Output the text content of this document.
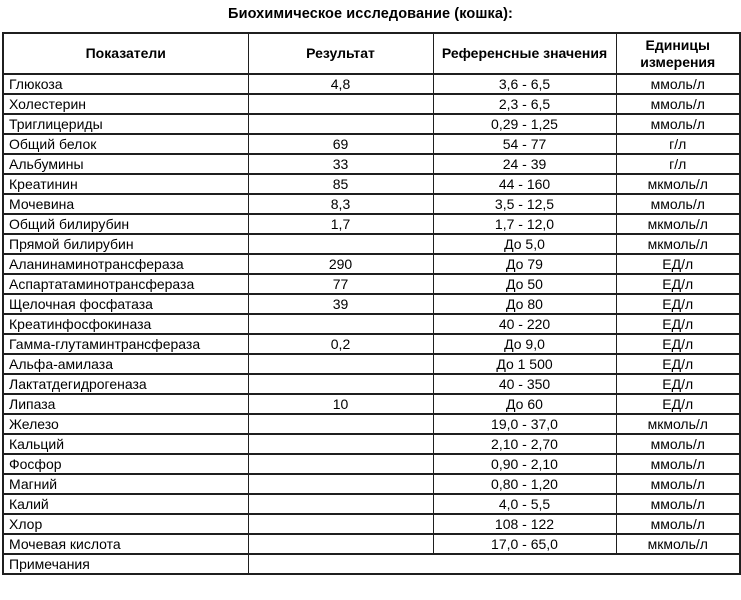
Биохимическое исследование (кошка):
Показатели	Результат	Референсные значения	Единицы измерения
Глюкоза	4,8	3,6 - 6,5	ммоль/л
Холестерин		2,3 - 6,5	ммоль/л
Триглицериды		0,29 - 1,25	ммоль/л
Общий белок	69	54 - 77	г/л
Альбумины	33	24 - 39	г/л
Креатинин	85	44 - 160	мкмоль/л
Мочевина	8,3	3,5 - 12,5	ммоль/л
Общий билирубин	1,7	1,7 - 12,0	мкмоль/л
Прямой билирубин		До 5,0	мкмоль/л
Аланинаминотрансфераза	290	До 79	ЕД/л
Аспартатаминотрансфераза	77	До 50	ЕД/л
Щелочная фосфатаза	39	До 80	ЕД/л
Креатинфосфокиназа		40 - 220	ЕД/л
Гамма-глутаминтрансфераза	0,2	До 9,0	ЕД/л
Альфа-амилаза		До 1 500	ЕД/л
Лактатдегидрогеназа		40 - 350	ЕД/л
Липаза	10	До 60	ЕД/л
Железо		19,0 - 37,0	мкмоль/л
Кальций		2,10 - 2,70	ммоль/л
Фосфор		0,90 - 2,10	ммоль/л
Магний		0,80 - 1,20	ммоль/л
Калий		4,0 - 5,5	ммоль/л
Хлор		108 - 122	ммоль/л
Мочевая кислота		17,0 - 65,0	мкмоль/л
Примечания			
